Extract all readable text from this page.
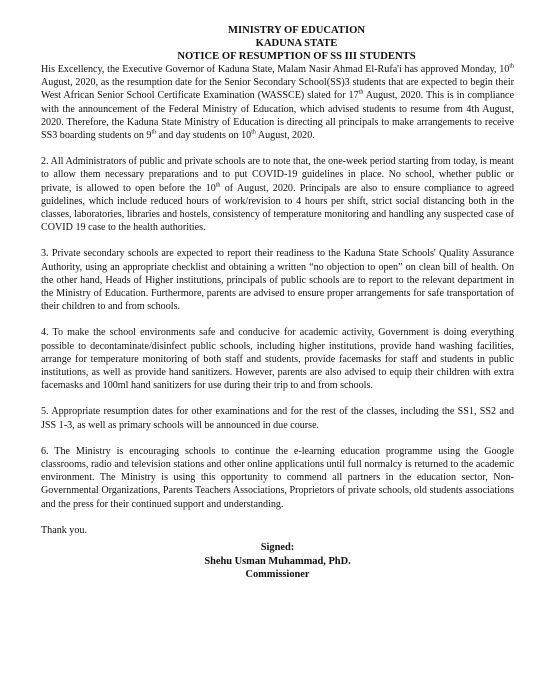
MINISTRY OF EDUCATION
KADUNA STATE
NOTICE OF RESUMPTION OF SS III STUDENTS

His Excellency, the Executive Governor of Kaduna State, Malam Nasir Ahmad El-Rufa'i has approved Monday, 10th August, 2020, as the resumption date for the Senior Secondary School(SS)3 students that are expected to begin their West African Senior School Certificate Examination (WASSCE) slated for 17th August, 2020. This is in compliance with the announcement of the Federal Ministry of Education, which advised students to resume from 4th August, 2020. Therefore, the Kaduna State Ministry of Education is directing all principals to make arrangements to receive SS3 boarding students on 9th and day students on 10th August, 2020.

2. All Administrators of public and private schools are to note that, the one-week period starting from today, is meant to allow them necessary preparations and to put COVID-19 guidelines in place. No school, whether public or private, is allowed to open before the 10th of August, 2020. Principals are also to ensure compliance to agreed guidelines, which include reduced hours of work/revision to 4 hours per shift, strict social distancing both in the classes, laboratories, libraries and hostels, consistency of temperature monitoring and handling any suspected case of COVID 19 case to the health authorities.

3. Private secondary schools are expected to report their readiness to the Kaduna State Schools' Quality Assurance Authority, using an appropriate checklist and obtaining a written “no objection to open” on clean bill of health. On the other hand, Heads of Higher institutions, principals of public schools are to report to the relevant department in the Ministry of Education. Furthermore, parents are advised to ensure proper arrangements for safe transportation of their children to and from schools.

4. To make the school environments safe and conducive for academic activity, Government is doing everything possible to decontaminate/disinfect public schools, including higher institutions, provide hand washing facilities, arrange for temperature monitoring of both staff and students, provide facemasks for staff and students in public institutions, as well as provide hand sanitizers. However, parents are also advised to equip their children with extra facemasks and 100ml hand sanitizers for use during their trip to and from schools.

5. Appropriate resumption dates for other examinations and for the rest of the classes, including the SS1, SS2 and JSS 1-3, as well as primary schools will be announced in due course.

6. The Ministry is encouraging schools to continue the e-learning education programme using the Google classrooms, radio and television stations and other online applications until full normalcy is returned to the academic environment. The Ministry is using this opportunity to commend all partners in the education sector, Non-Governmental Organizations, Parents Teachers Associations, Proprietors of private schools, old students associations and the press for their continued support and understanding.

Thank you.

Signed:
Shehu Usman Muhammad, PhD.
Commissioner
